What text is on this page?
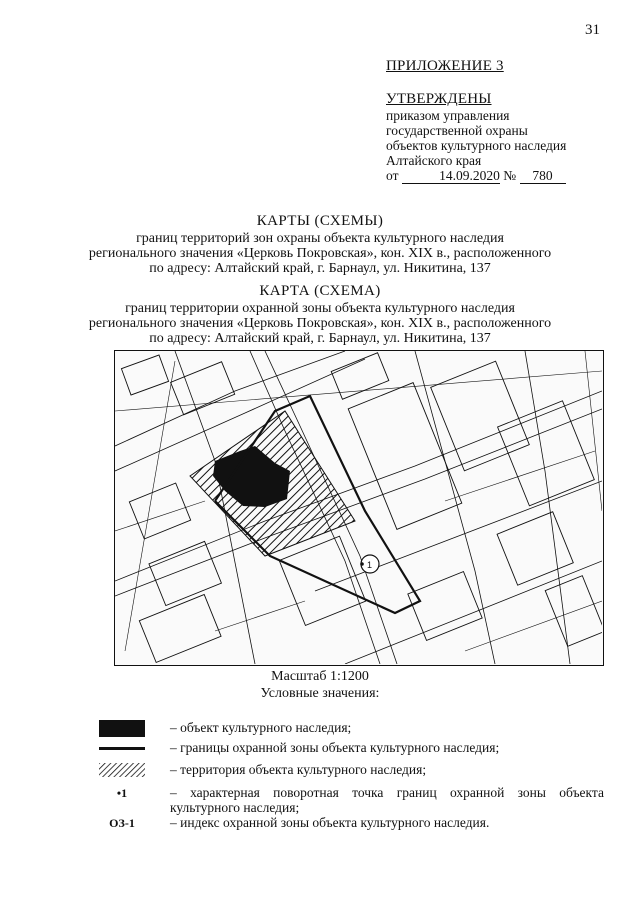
31
ПРИЛОЖЕНИЕ 3
УТВЕРЖДЕНЫ
приказом управления
государственной охраны
объектов культурного наследия
Алтайского края
от	14.09.2020 № 780
КАРТЫ (СХЕМЫ)
границ территорий зон охраны объекта культурного наследия
регионального значения «Церковь Покровская», кон. XIX в., расположенного
по адресу: Алтайский край, г. Барнаул, ул. Никитина, 137
КАРТА (СХЕМА)
границ территории охранной зоны объекта культурного наследия
регионального значения «Церковь Покровская», кон. XIX в., расположенного
по адресу: Алтайский край, г. Барнаул, ул. Никитина, 137
1
Масштаб 1:1200
Условные значения:
– объект культурного наследия;
– границы охранной зоны объекта культурного наследия;
– территория объекта культурного наследия;
•1	– характерная поворотная точка границ охранной зоны объекта культурного наследия;
ОЗ-1	– индекс охранной зоны объекта культурного наследия.
